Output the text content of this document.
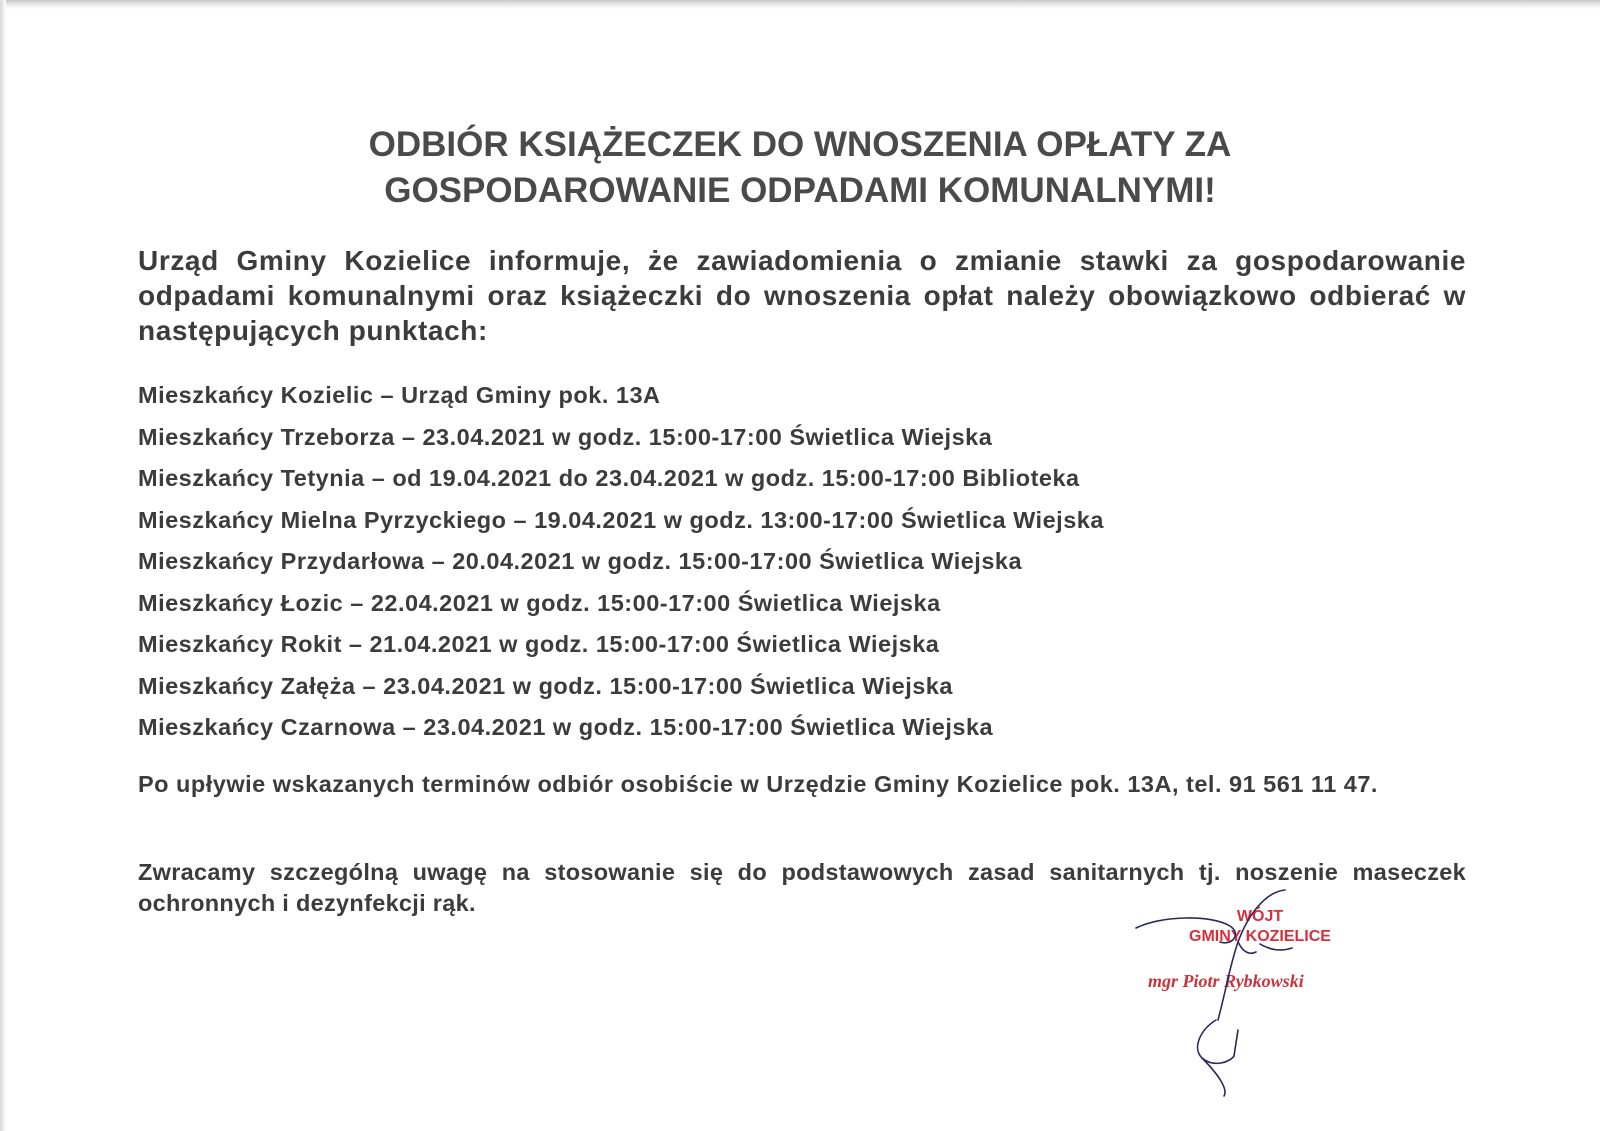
ODBIÓR KSIĄŻECZEK DO WNOSZENIA OPŁATY ZA
GOSPODAROWANIE ODPADAMI KOMUNALNYMI!

Urząd Gminy Kozielice informuje, że zawiadomienia o zmianie stawki za gospodarowanie odpadami komunalnymi oraz książeczki do wnoszenia opłat należy obowiązkowo odbierać w następujących punktach:

Mieszkańcy Kozielic – Urząd Gminy pok. 13A
Mieszkańcy Trzeborza – 23.04.2021 w godz. 15:00-17:00 Świetlica Wiejska
Mieszkańcy Tetynia – od 19.04.2021 do 23.04.2021 w godz. 15:00-17:00 Biblioteka
Mieszkańcy Mielna Pyrzyckiego – 19.04.2021 w godz. 13:00-17:00 Świetlica Wiejska
Mieszkańcy Przydarłowa – 20.04.2021 w godz. 15:00-17:00 Świetlica Wiejska
Mieszkańcy Łozic – 22.04.2021 w godz. 15:00-17:00 Świetlica Wiejska
Mieszkańcy Rokit – 21.04.2021 w godz. 15:00-17:00 Świetlica Wiejska
Mieszkańcy Załęża – 23.04.2021 w godz. 15:00-17:00 Świetlica Wiejska
Mieszkańcy Czarnowa – 23.04.2021 w godz. 15:00-17:00 Świetlica Wiejska

Po upływie wskazanych terminów odbiór osobiście w Urzędzie Gminy Kozielice pok. 13A, tel. 91 561 11 47.

Zwracamy szczególną uwagę na stosowanie się do podstawowych zasad sanitarnych tj. noszenie maseczek ochronnych i dezynfekcji rąk.

WÓJT
GMINY KOZIELICE
mgr Piotr Rybkowski
